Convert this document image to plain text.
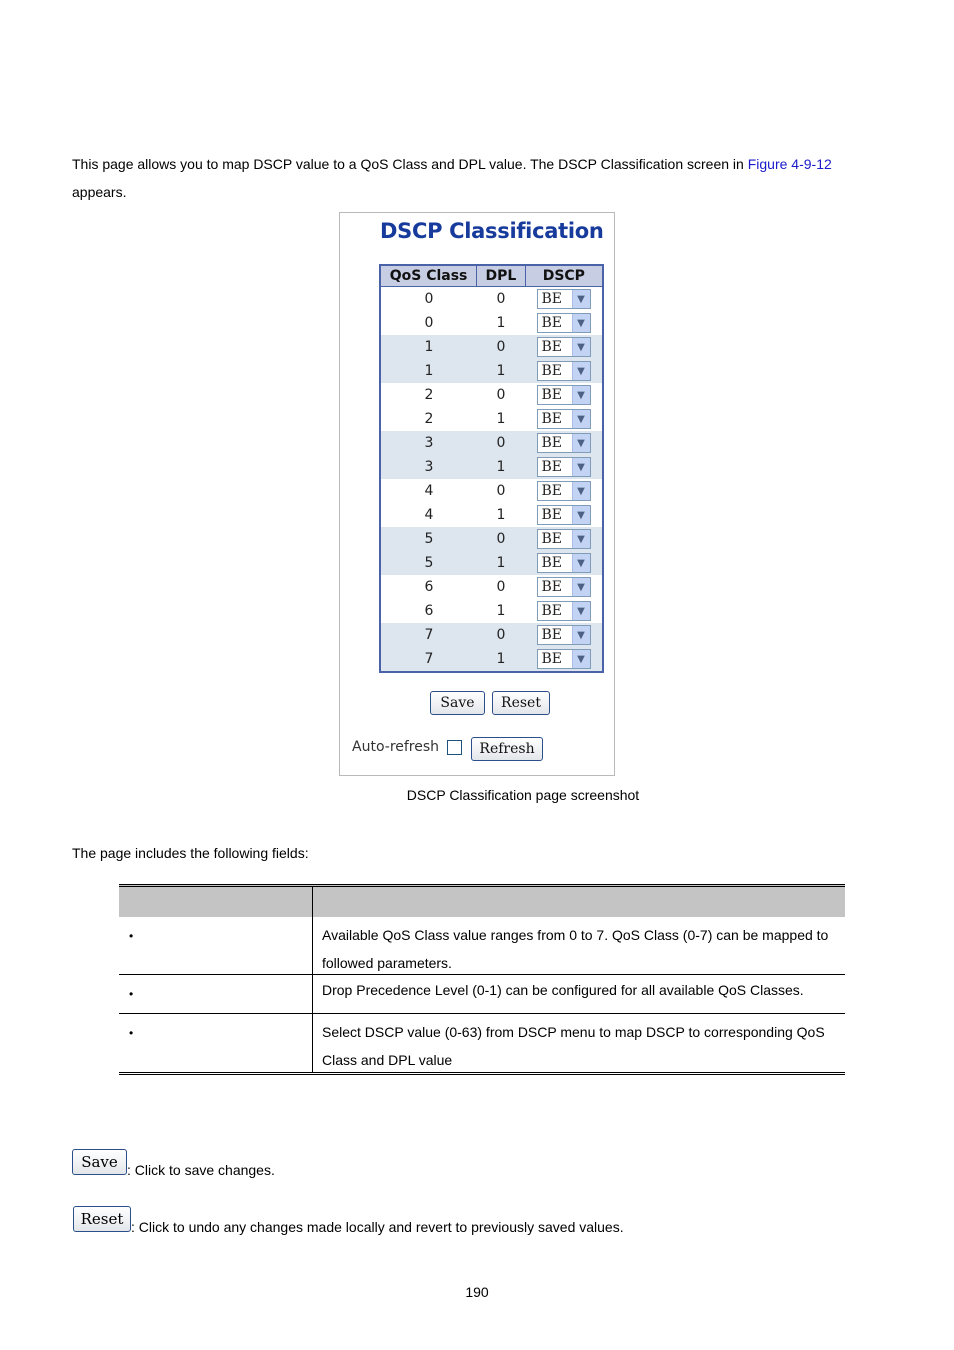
This page allows you to map DSCP value to a QoS Class and DPL value. The DSCP Classification screen in Figure 4-9-12 appears.
DSCP Classification
QoS Class	DPL	DSCP
0	0	BE	▼
0	1	BE	▼
1	0	BE	▼
1	1	BE	▼
2	0	BE	▼
2	1	BE	▼
3	0	BE	▼
3	1	BE	▼
4	0	BE	▼
4	1	BE	▼
5	0	BE	▼
5	1	BE	▼
6	0	BE	▼
6	1	BE	▼
7	0	BE	▼
7	1	BE	▼
Save	Reset
Auto-refresh	Refresh
DSCP Classification page screenshot
The page includes the following fields:
•	Available QoS Class value ranges from 0 to 7. QoS Class (0-7) can be mapped to followed parameters.
•	Drop Precedence Level (0-1) can be configured for all available QoS Classes.
•	Select DSCP value (0-63) from DSCP menu to map DSCP to corresponding QoS Class and DPL value
Save : Click to save changes.
Reset : Click to undo any changes made locally and revert to previously saved values.
190
